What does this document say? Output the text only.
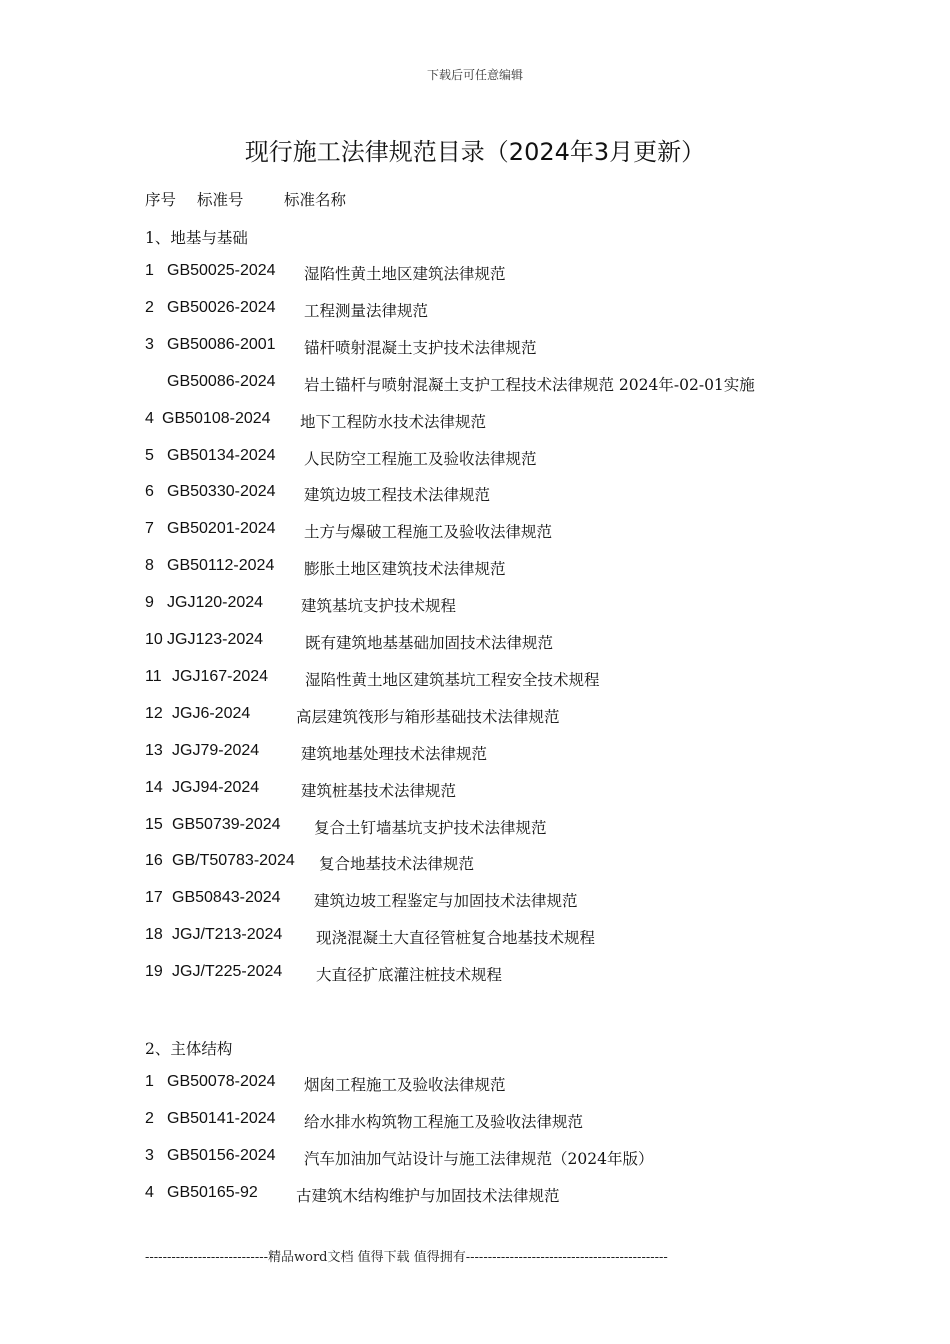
下载后可任意编辑
现行施工法律规范目录（2024年3月更新）
序号 标准号	标准名称
1、地基与基础
1 GB50025-2024 湿陷性黄土地区建筑法律规范
2 GB50026-2024 工程测量法律规范
3 GB50086-2001 锚杆喷射混凝土支护技术法律规范
GB50086-2024 岩土锚杆与喷射混凝土支护工程技术法律规范 2024年-02-01实施
4 GB50108-2024 地下工程防水技术法律规范
5 GB50134-2024 人民防空工程施工及验收法律规范
6 GB50330-2024 建筑边坡工程技术法律规范
7 GB50201-2024 土方与爆破工程施工及验收法律规范
8 GB50112-2024 膨胀土地区建筑技术法律规范
9 JGJ120-2024 建筑基坑支护技术规程
10 JGJ123-2024	既有建筑地基基础加固技术法律规范
11 JGJ167-2024 湿陷性黄土地区建筑基坑工程安全技术规程
12 JGJ6-2024	高层建筑筏形与箱形基础技术法律规范
13 JGJ79-2024	建筑地基处理技术法律规范
14 JGJ94-2024	建筑桩基技术法律规范
15 GB50739-2024 复合土钉墙基坑支护技术法律规范
16 GB/T50783-2024 复合地基技术法律规范
17 GB50843-2024 建筑边坡工程鉴定与加固技术法律规范
18 JGJ/T213-2024 现浇混凝土大直径管桩复合地基技术规程
19 JGJ/T225-2024 大直径扩底灌注桩技术规程
2、主体结构
1 GB50078-2024 烟囱工程施工及验收法律规范
2 GB50141-2024 给水排水构筑物工程施工及验收法律规范
3 GB50156-2024 汽车加油加气站设计与施工法律规范（2024年版）
4 GB50165-92 古建筑木结构维护与加固技术法律规范
----------------------------精品word文档 值得下载 值得拥有----------------------------------------------
